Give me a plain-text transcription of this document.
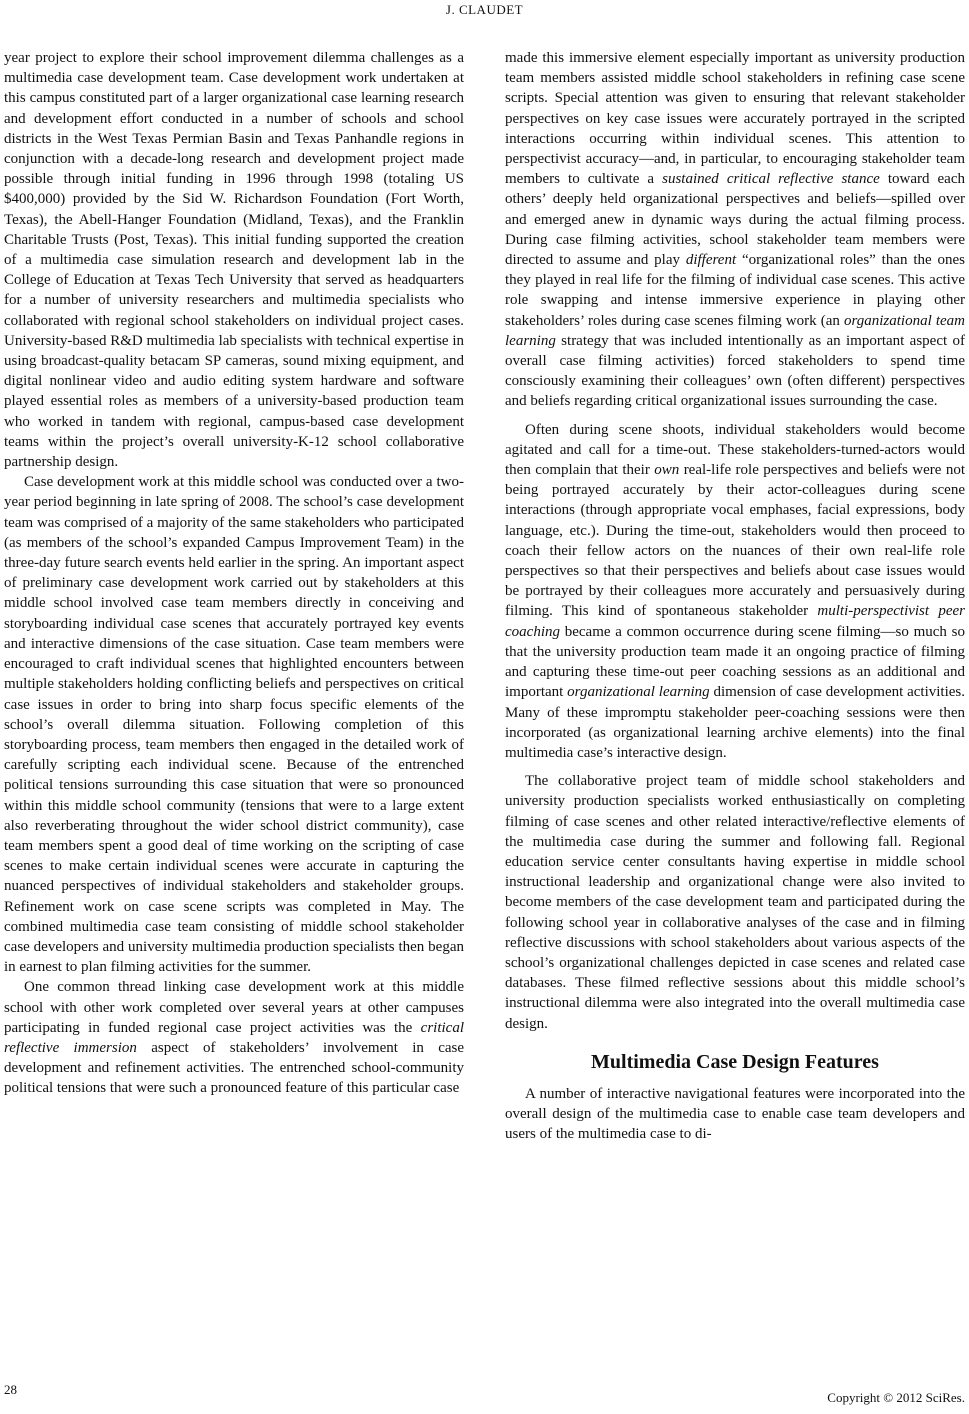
J. CLAUDET

year project to explore their school improvement dilemma challenges as a multimedia case development team. Case development work undertaken at this campus constituted part of a larger organizational case learning research and development effort conducted in a number of schools and school districts in the West Texas Permian Basin and Texas Panhandle regions in conjunction with a decade-long research and development project made possible through initial funding in 1996 through 1998 (totaling US $400,000) provided by the Sid W. Richardson Foundation (Fort Worth, Texas), the Abell-Hanger Foundation (Midland, Texas), and the Franklin Charitable Trusts (Post, Texas). This initial funding supported the creation of a multimedia case simulation research and development lab in the College of Education at Texas Tech University that served as headquarters for a number of university researchers and multimedia specialists who collaborated with regional school stakeholders on individual project cases. University-based R&D multimedia lab specialists with technical expertise in using broadcast-quality betacam SP cameras, sound mixing equipment, and digital nonlinear video and audio editing system hardware and software played essential roles as members of a university-based production team who worked in tandem with regional, campus-based case development teams within the project’s overall university-K-12 school collaborative partnership design.

Case development work at this middle school was conducted over a two-year period beginning in late spring of 2008. The school’s case development team was comprised of a majority of the same stakeholders who participated (as members of the school’s expanded Campus Improvement Team) in the three-day future search events held earlier in the spring. An important aspect of preliminary case development work carried out by stakeholders at this middle school involved case team members directly in conceiving and storyboarding individual case scenes that accurately portrayed key events and interactive dimensions of the case situation. Case team members were encouraged to craft individual scenes that highlighted encounters between multiple stakeholders holding conflicting beliefs and perspectives on critical case issues in order to bring into sharp focus specific elements of the school’s overall dilemma situation. Following completion of this storyboarding process, team members then engaged in the detailed work of carefully scripting each individual scene. Because of the entrenched political tensions surrounding this case situation that were so pronounced within this middle school community (tensions that were to a large extent also reverberating throughout the wider school district community), case team members spent a good deal of time working on the scripting of case scenes to make certain individual scenes were accurate in capturing the nuanced perspectives of individual stakeholders and stakeholder groups. Refinement work on case scene scripts was completed in May. The combined multimedia case team consisting of middle school stakeholder case developers and university multimedia production specialists then began in earnest to plan filming activities for the summer.

One common thread linking case development work at this middle school with other work completed over several years at other campuses participating in funded regional case project activities was the critical reflective immersion aspect of stakeholders’ involvement in case development and refinement activities. The entrenched school-community political tensions that were such a pronounced feature of this particular case

made this immersive element especially important as university production team members assisted middle school stakeholders in refining case scene scripts. Special attention was given to ensuring that relevant stakeholder perspectives on key case issues were accurately portrayed in the scripted interactions occurring within individual scenes. This attention to perspectivist accuracy—and, in particular, to encouraging stakeholder team members to cultivate a sustained critical reflective stance toward each others’ deeply held organizational perspectives and beliefs—spilled over and emerged anew in dynamic ways during the actual filming process. During case filming activities, school stakeholder team members were directed to assume and play different “organizational roles” than the ones they played in real life for the filming of individual case scenes. This active role swapping and intense immersive experience in playing other stakeholders’ roles during case scenes filming work (an organizational team learning strategy that was included intentionally as an important aspect of overall case filming activities) forced stakeholders to spend time consciously examining their colleagues’ own (often different) perspectives and beliefs regarding critical organizational issues surrounding the case.

Often during scene shoots, individual stakeholders would become agitated and call for a time-out. These stakeholders-turned-actors would then complain that their own real-life role perspectives and beliefs were not being portrayed accurately by their actor-colleagues during scene interactions (through appropriate vocal emphases, facial expressions, body language, etc.). During the time-out, stakeholders would then proceed to coach their fellow actors on the nuances of their own real-life role perspectives so that their perspectives and beliefs about case issues would be portrayed by their colleagues more accurately and persuasively during filming. This kind of spontaneous stakeholder multi-perspectivist peer coaching became a common occurrence during scene filming—so much so that the university production team made it an ongoing practice of filming and capturing these time-out peer coaching sessions as an additional and important organizational learning dimension of case development activities. Many of these impromptu stakeholder peer-coaching sessions were then incorporated (as organizational learning archive elements) into the final multimedia case’s interactive design.

The collaborative project team of middle school stakeholders and university production specialists worked enthusiastically on completing filming of case scenes and other related interactive/reflective elements of the multimedia case during the summer and following fall. Regional education service center consultants having expertise in middle school instructional leadership and organizational change were also invited to become members of the case development team and participated during the following school year in collaborative analyses of the case and in filming reflective discussions with school stakeholders about various aspects of the school’s organizational challenges depicted in case scenes and related case databases. These filmed reflective sessions about this middle school’s instructional dilemma were also integrated into the overall multimedia case design.

Multimedia Case Design Features

A number of interactive navigational features were incorporated into the overall design of the multimedia case to enable case team developers and users of the multimedia case to di-

28
Copyright © 2012 SciRes.
